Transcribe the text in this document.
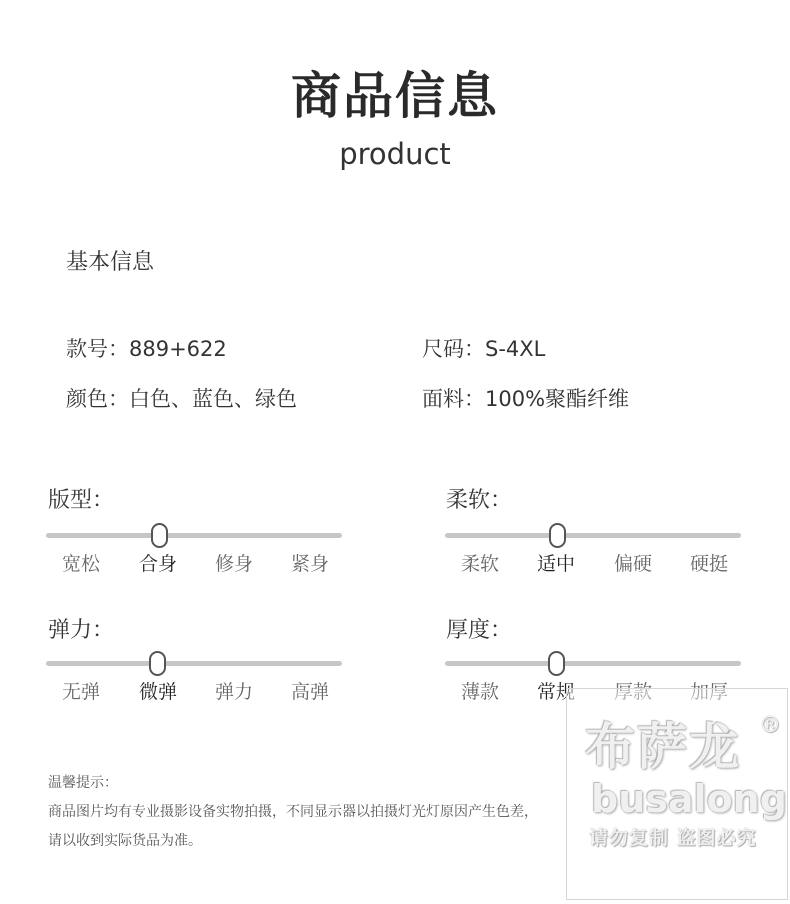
商品信息
product
基本信息
款号：889+622	尺码：S-4XL
颜色：白色、蓝色、绿色	面料：100%聚酯纤维
版型：
宽松	合身	修身	紧身
柔软：
柔软	适中	偏硬	硬挺
弹力：
无弹	微弹	弹力	高弹
厚度：
薄款	常规	厚款	加厚
温馨提示：
商品图片均有专业摄影设备实物拍摄，不同显示器以拍摄灯光灯原因产生色差，
请以收到实际货品为准。
布萨龙 ®
busalong
请勿复制 盗图必究
